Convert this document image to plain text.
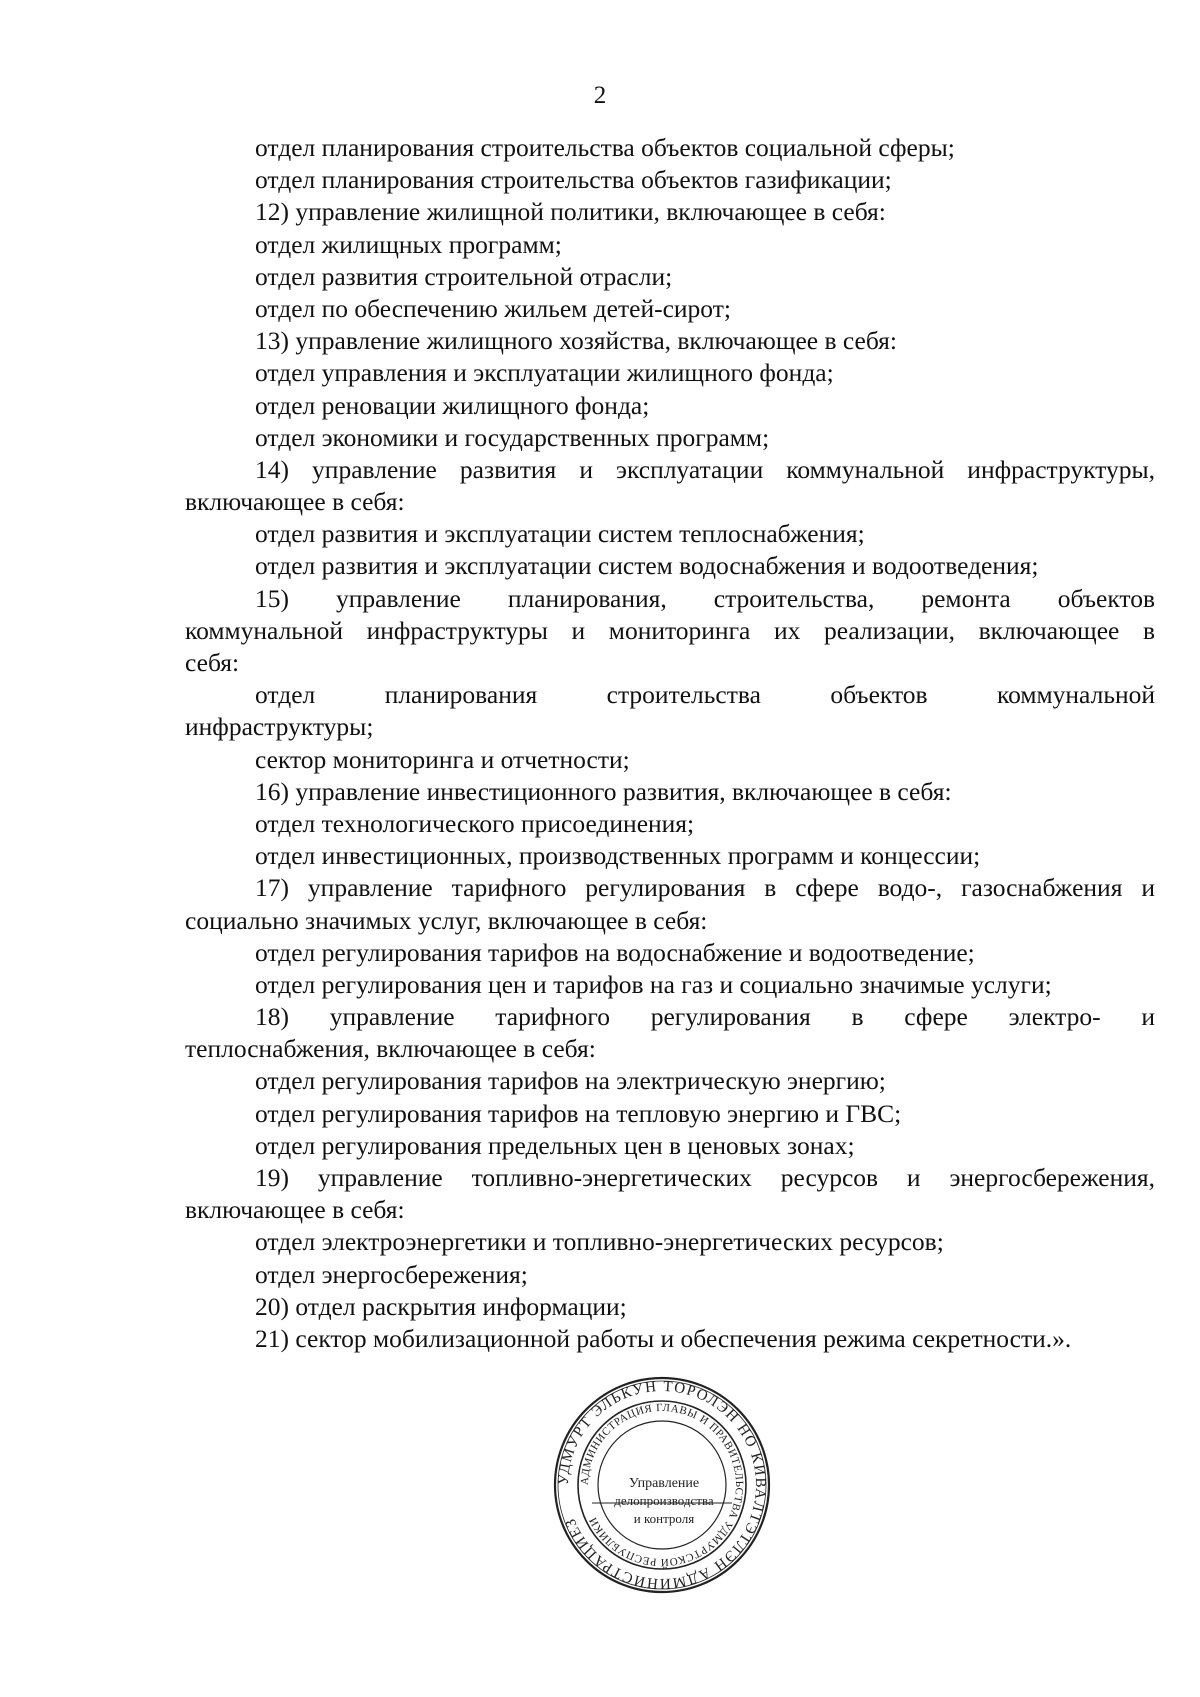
2
отдел планирования строительства объектов социальной сферы;
отдел планирования строительства объектов газификации;
12) управление жилищной политики, включающее в себя:
отдел жилищных программ;
отдел развития строительной отрасли;
отдел по обеспечению жильем детей-сирот;
13) управление жилищного хозяйства, включающее в себя:
отдел управления и эксплуатации жилищного фонда;
отдел реновации жилищного фонда;
отдел экономики и государственных программ;
14) управление развития и эксплуатации коммунальной инфраструктуры,
включающее в себя:
отдел развития и эксплуатации систем теплоснабжения;
отдел развития и эксплуатации систем водоснабжения и водоотведения;
15) управление планирования, строительства, ремонта объектов
коммунальной инфраструктуры и мониторинга их реализации, включающее в
себя:
отдел планирования строительства объектов коммунальной
инфраструктуры;
сектор мониторинга и отчетности;
16) управление инвестиционного развития, включающее в себя:
отдел технологического присоединения;
отдел инвестиционных, производственных программ и концессии;
17) управление тарифного регулирования в сфере водо-, газоснабжения и
социально значимых услуг, включающее в себя:
отдел регулирования тарифов на водоснабжение и водоотведение;
отдел регулирования цен и тарифов на газ и социально значимые услуги;
18) управление тарифного регулирования в сфере электро- и
теплоснабжения, включающее в себя:
отдел регулирования тарифов на электрическую энергию;
отдел регулирования тарифов на тепловую энергию и ГВС;
отдел регулирования предельных цен в ценовых зонах;
19) управление топливно-энергетических ресурсов и энергосбережения,
включающее в себя:
отдел электроэнергетики и топливно-энергетических ресурсов;
отдел энергосбережения;
20) отдел раскрытия информации;
21) сектор мобилизационной работы и обеспечения режима секретности.».
УДМУРТ ЭЛЬКУН ТОРОЛЭН НО КИВАЛТЭТЛЭН АДМИНИСТРАЦИЕЗ
АДМИНИСТРАЦИЯ ГЛАВЫ И ПРАВИТЕЛЬСТВА УДМУРТСКОЙ РЕСПУБЛИКИ
Управление
делопроизводства
и контроля
